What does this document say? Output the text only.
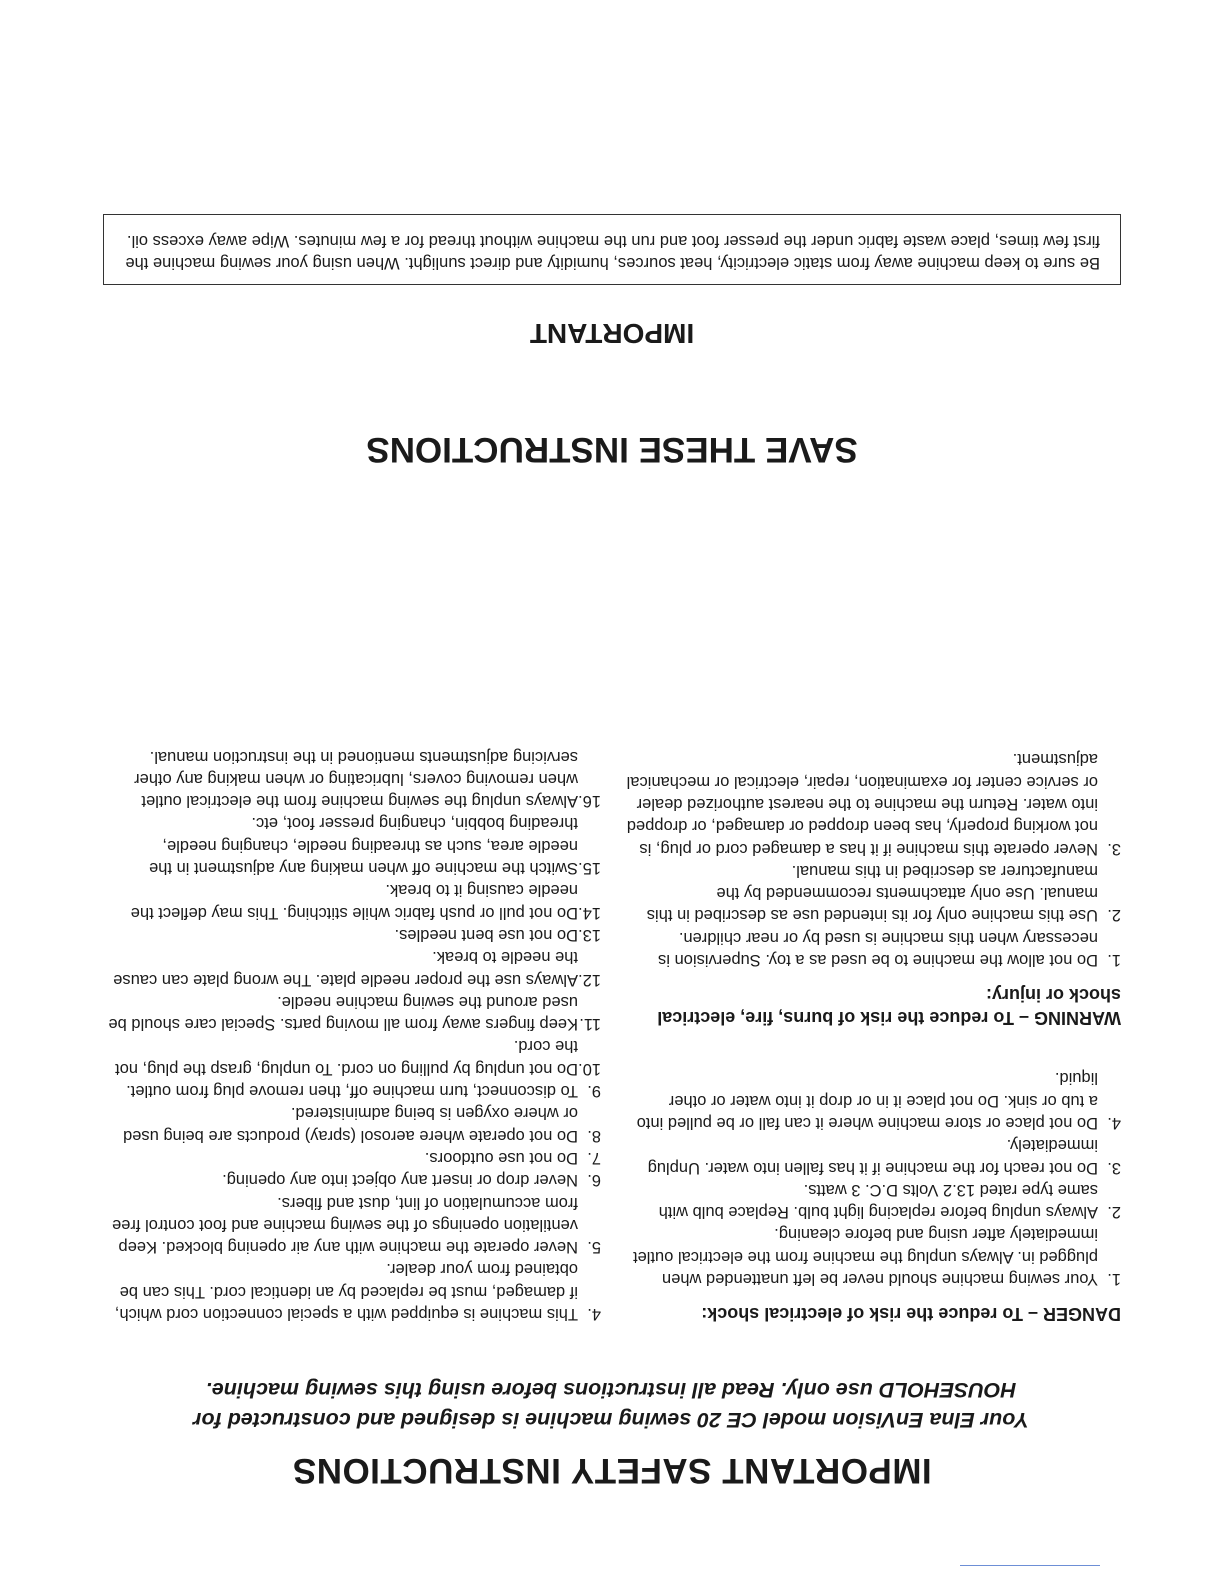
IMPORTANT SAFETY INSTRUCTIONS

Your Elna EnVision model CE 20 sewing machine is designed and constructed for HOUSEHOLD use only. Read all instructions before using this sewing machine.

DANGER – To reduce the risk of electrical shock:

1.
Your sewing machine should never be left unattended when plugged in. Always unplug the machine from the electrical outlet immediately after using and before cleaning.
2.
Always unplug before replacing light bulb. Replace bulb with same type rated 13.2 Volts D.C. 3 watts.
3.
Do not reach for the machine if it has fallen into water. Unplug immediately.
4.
Do not place or store machine where it can fall or be pulled into a tub or sink. Do not place it in or drop it into water or other liquid.

WARNING – To reduce the risk of burns, fire, electrical shock or injury:

1.
Do not allow the machine to be used as a toy. Supervision is necessary when this machine is used by or near children.
2.
Use this machine only for its intended use as described in this manual. Use only attachments recommended by the manufacturer as described in this manual.
3.
Never operate this machine if it has a damaged cord or plug, is not working properly, has been dropped or damaged, or dropped into water. Return the machine to the nearest authorized dealer or service center for examination, repair, electrical or mechanical adjustment.
4.
This machine is equipped with a special connection cord which, if damaged, must be replaced by an identical cord. This can be obtained from your dealer.
5.
Never operate the machine with any air opening blocked. Keep ventilation openings of the sewing machine and foot control free from accumulation of lint, dust and fibers.
6.
Never drop or insert any object into any opening.
7.
Do not use outdoors.
8.
Do not operate where aerosol (spray) products are being used or where oxygen is being administered.
9.
To disconnect, turn machine off, then remove plug from outlet.
10.
Do not unplug by pulling on cord. To unplug, grasp the plug, not the cord.
11.
Keep fingers away from all moving parts. Special care should be used around the sewing machine needle.
12.
Always use the proper needle plate. The wrong plate can cause the needle to break.
13.
Do not use bent needles.
14.
Do not pull or push fabric while stitching. This may deflect the needle causing it to break.
15.
Switch the machine off when making any adjustment in the needle area, such as threading needle, changing needle, threading bobbin, changing presser foot, etc.
16.
Always unplug the sewing machine from the electrical outlet when removing covers, lubricating or when making any other servicing adjustments mentioned in the instruction manual.
SAVE THESE INSTRUCTIONS
IMPORTANT
Be sure to keep machine away from static electricity, heat sources, humidity and direct sunlight. When using your sewing machine the first few times, place waste fabric under the presser foot and run the machine without thread for a few minutes. Wipe away excess oil.
